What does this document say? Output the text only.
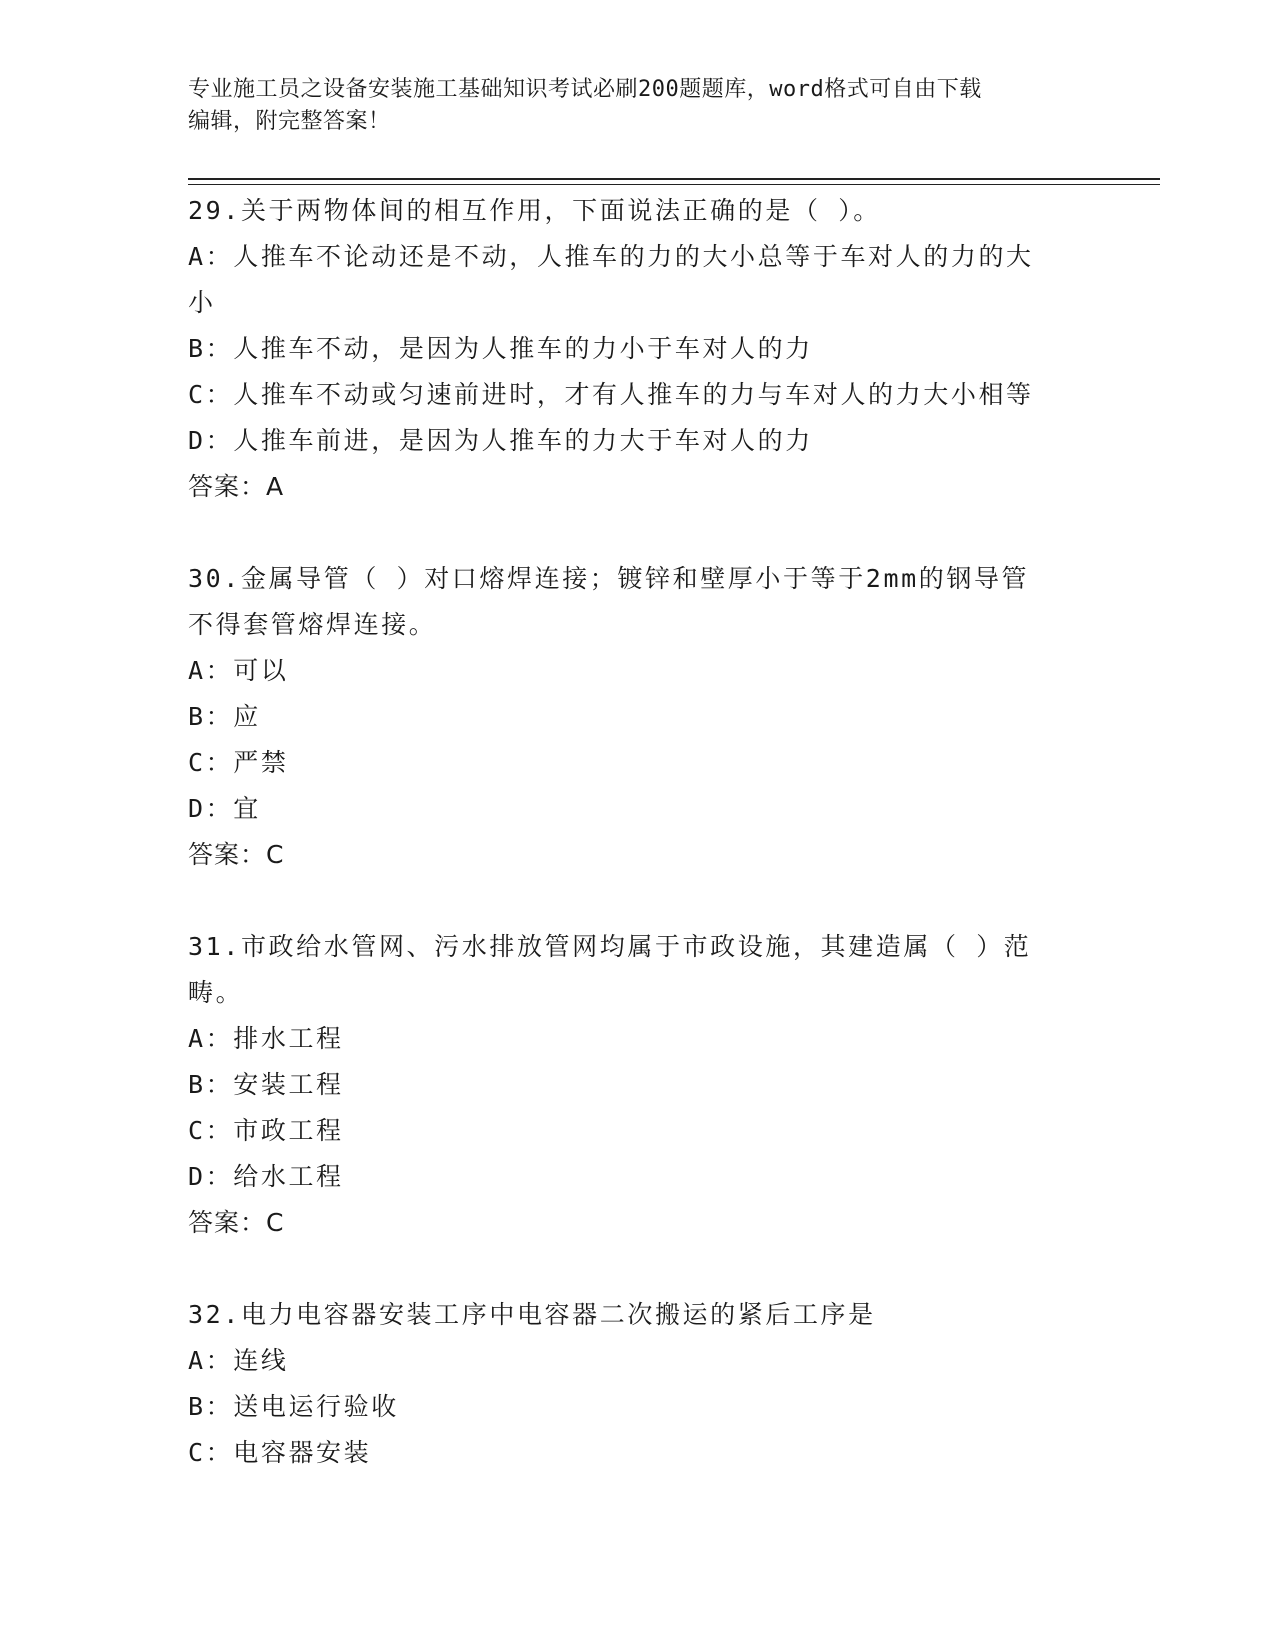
专业施工员之设备安装施工基础知识考试必刷200题题库，word格式可自由下载
编辑，附完整答案！
29.关于两物体间的相互作用，下面说法正确的是（ ）。
A：人推车不论动还是不动，人推车的力的大小总等于车对人的力的大
小
B：人推车不动，是因为人推车的力小于车对人的力
C：人推车不动或匀速前进时，才有人推车的力与车对人的力大小相等
D：人推车前进，是因为人推车的力大于车对人的力
答案：A
30.金属导管（ ）对口熔焊连接；镀锌和壁厚小于等于2mm的钢导管
不得套管熔焊连接。
A：可以
B：应
C：严禁
D：宜
答案：C
31.市政给水管网、污水排放管网均属于市政设施，其建造属（ ）范
畴。
A：排水工程
B：安装工程
C：市政工程
D：给水工程
答案：C
32.电力电容器安装工序中电容器二次搬运的紧后工序是
A：连线
B：送电运行验收
C：电容器安装
